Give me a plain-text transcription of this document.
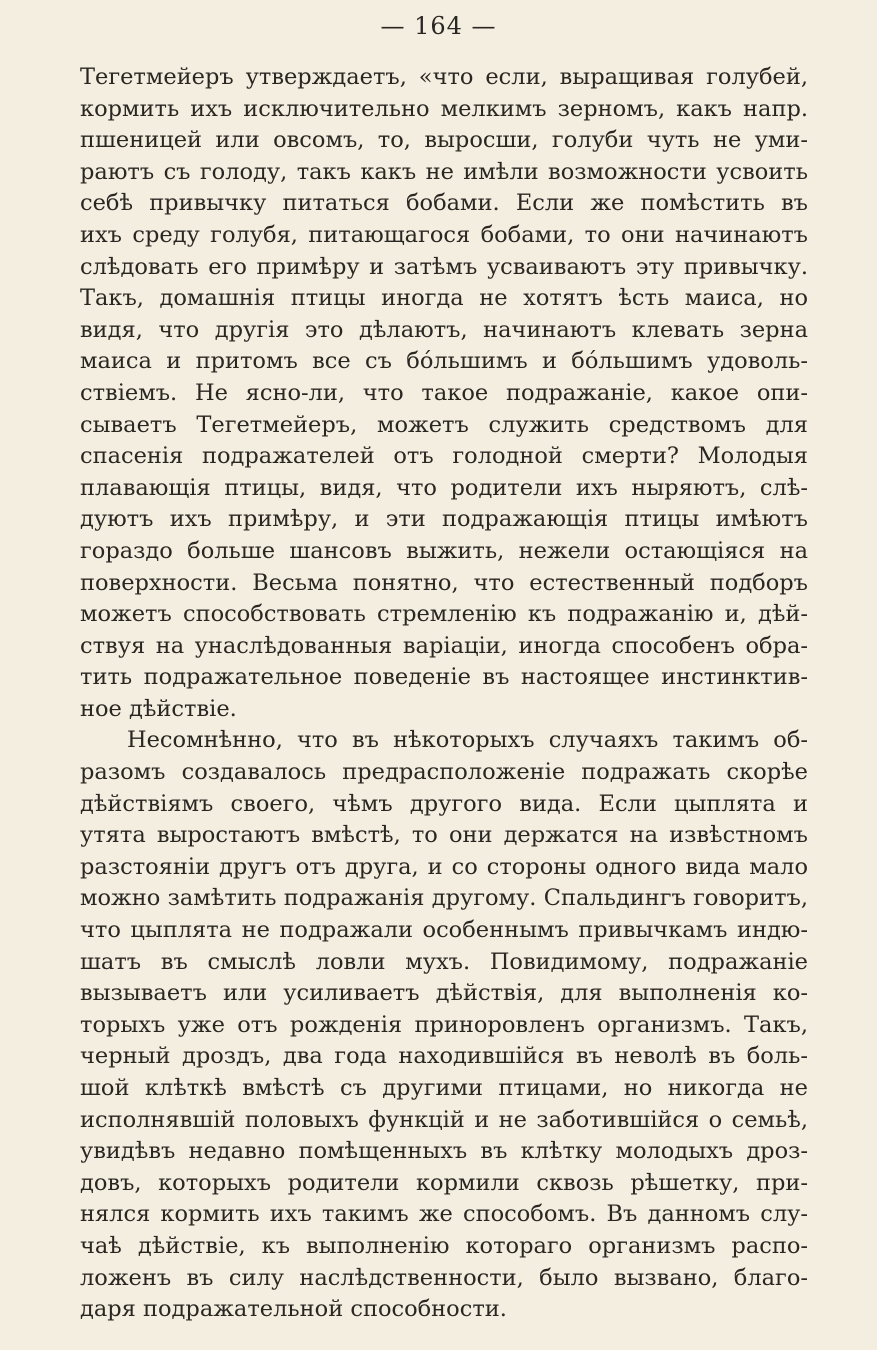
— 164 —
Тегетмейеръ утверждаетъ, «что если, выращивая голубей,
кормить ихъ исключительно мелкимъ зерномъ, какъ напр.
пшеницей или овсомъ, то, выросши, голуби чуть не уми-
раютъ съ голоду, такъ какъ не имѣли возможности усвоить
себѣ привычку питаться бобами. Если же помѣстить въ
ихъ среду голубя, питающагося бобами, то они начинаютъ
слѣдовать его примѣру и затѣмъ усваиваютъ эту привычку.
Такъ, домашнія птицы иногда не хотятъ ѣсть маиса, но
видя, что другія это дѣлаютъ, начинаютъ клевать зерна
маиса и притомъ все съ бóльшимъ и бóльшимъ удоволь-
ствіемъ. Не ясно-ли, что такое подражаніе, какое опи-
сываетъ Тегетмейеръ, можетъ служить средствомъ для
спасенія подражателей отъ голодной смерти? Молодыя
плавающія птицы, видя, что родители ихъ ныряютъ, слѣ-
дуютъ ихъ примѣру, и эти подражающія птицы имѣютъ
гораздо больше шансовъ выжить, нежели остающіяся на
поверхности. Весьма понятно, что естественный подборъ
можетъ способствовать стремленію къ подражанію и, дѣй-
ствуя на унаслѣдованныя варіаціи, иногда способенъ обра-
тить подражательное поведеніе въ настоящее инстинктив-
ное дѣйствіе.
Несомнѣнно, что въ нѣкоторыхъ случаяхъ такимъ об-
разомъ создавалось предрасположеніе подражать скорѣе
дѣйствіямъ своего, чѣмъ другого вида. Если цыплята и
утята выростаютъ вмѣстѣ, то они держатся на извѣстномъ
разстояніи другъ отъ друга, и со стороны одного вида мало
можно замѣтить подражанія другому. Спальдингъ говоритъ,
что цыплята не подражали особеннымъ привычкамъ индю-
шатъ въ смыслѣ ловли мухъ. Повидимому, подражаніе
вызываетъ или усиливаетъ дѣйствія, для выполненія ко-
торыхъ уже отъ рожденія приноровленъ организмъ. Такъ,
черный дроздъ, два года находившійся въ неволѣ въ боль-
шой клѣткѣ вмѣстѣ съ другими птицами, но никогда не
исполнявшій половыхъ функцій и не заботившійся о семьѣ,
увидѣвъ недавно помѣщенныхъ въ клѣтку молодыхъ дроз-
довъ, которыхъ родители кормили сквозь рѣшетку, при-
нялся кормить ихъ такимъ же способомъ. Въ данномъ слу-
чаѣ дѣйствіе, къ выполненію котораго организмъ распо-
ложенъ въ силу наслѣдственности, было вызвано, благо-
даря подражательной способности.
